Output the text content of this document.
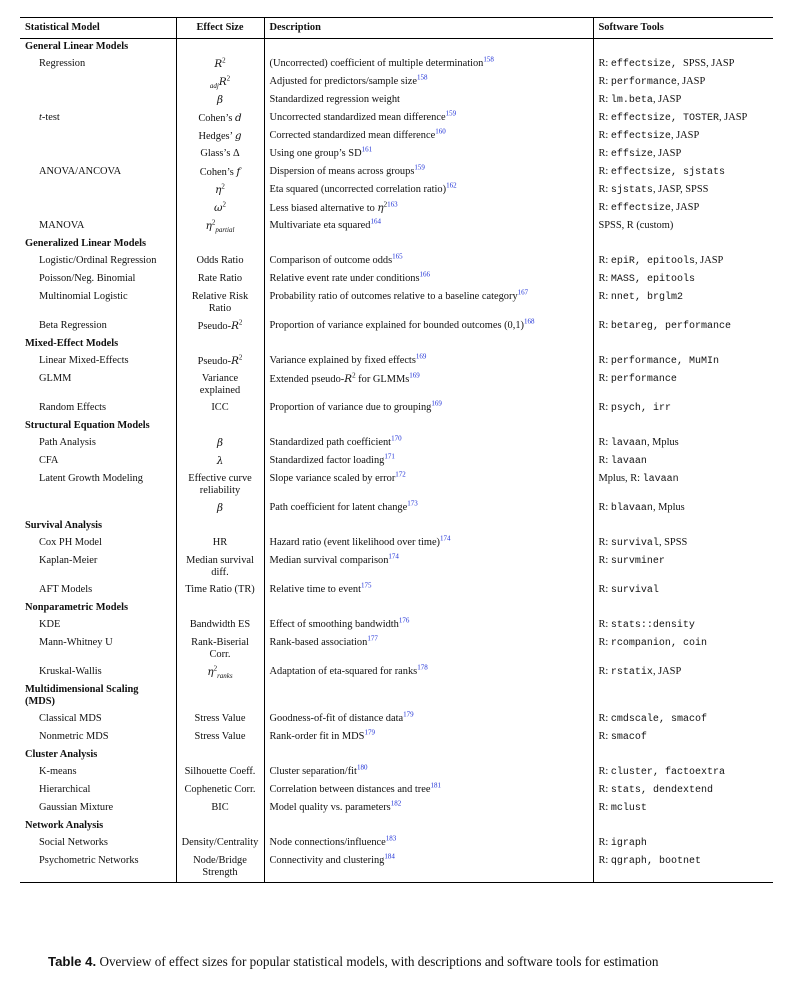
Statistical Model	Effect Size	Description	Software Tools
General Linear Models			
Regression	$R^2$	(Uncorrected) coefficient of multiple determination$^{158}$	R: effectsize, SPSS, JASP
	$_{adj}R^2$	Adjusted for predictors/sample size$^{158}$	R: performance, JASP
	β	Standardized regression weight	R: lm.beta, JASP
t-test	Cohen’s d	Uncorrected standardized mean difference$^{159}$	R: effectsize, TOSTER, JASP
	Hedges’ g	Corrected standardized mean difference$^{160}$	R: effectsize, JASP
	Glass’s Δ	Using one group’s SD$^{161}$	R: effsize, JASP
ANOVA/ANCOVA	Cohen’s f	Dispersion of means across groups$^{159}$	R: effectsize, sjstats
	$\eta^2$	Eta squared (uncorrected correlation ratio)$^{162}$	R: sjstats, JASP, SPSS
	$\omega^2$	Less biased alternative to η$^{2163}$	R: effectsize, JASP
MANOVA	$\eta^2_{partial}$	Multivariate eta squared$^{164}$	SPSS, R (custom)
Generalized Linear Models			
Logistic/Ordinal Regression	Odds Ratio	Comparison of outcome odds$^{165}$	R: epiR, epitools, JASP
Poisson/Neg. Binomial	Rate Ratio	Relative event rate under conditions$^{166}$	R: MASS, epitools
Multinomial Logistic	Relative Risk Ratio	Probability ratio of outcomes relative to a baseline category$^{167}$	R: nnet, brglm2
Beta Regression	Pseudo-$R^2$	Proportion of variance explained for bounded outcomes (0,1)$^{168}$	R: betareg, performance
Mixed-Effect Models			
Linear Mixed-Effects	Pseudo-$R^2$	Variance explained by fixed effects$^{169}$	R: performance, MuMIn
GLMM	Variance explained	Extended pseudo-$R^2$ for GLMMs$^{169}$	R: performance
Random Effects	ICC	Proportion of variance due to grouping$^{169}$	R: psych, irr
Structural Equation Models			
Path Analysis	β	Standardized path coefficient$^{170}$	R: lavaan, Mplus
CFA	λ	Standardized factor loading$^{171}$	R: lavaan
Latent Growth Modeling	Effective curve reliability	Slope variance scaled by error$^{172}$	Mplus, R: lavaan
	β	Path coefficient for latent change$^{173}$	R: blavaan, Mplus
Survival Analysis			
Cox PH Model	HR	Hazard ratio (event likelihood over time)$^{174}$	R: survival, SPSS
Kaplan-Meier	Median survival diff.	Median survival comparison$^{174}$	R: survminer
AFT Models	Time Ratio (TR)	Relative time to event$^{175}$	R: survival
Nonparametric Models			
KDE	Bandwidth ES	Effect of smoothing bandwidth$^{176}$	R: stats::density
Mann-Whitney U	Rank-Biserial Corr.	Rank-based association$^{177}$	R: rcompanion, coin
Kruskal-Wallis	$\eta^2_{ranks}$	Adaptation of eta-squared for ranks$^{178}$	R: rstatix, JASP
Multidimensional Scaling (MDS)			
Classical MDS	Stress Value	Goodness-of-fit of distance data$^{179}$	R: cmdscale, smacof
Nonmetric MDS	Stress Value	Rank-order fit in MDS$^{179}$	R: smacof
Cluster Analysis			
K-means	Silhouette Coeff.	Cluster separation/fit$^{180}$	R: cluster, factoextra
Hierarchical	Cophenetic Corr.	Correlation between distances and tree$^{181}$	R: stats, dendextend
Gaussian Mixture	BIC	Model quality vs. parameters$^{182}$	R: mclust
Network Analysis			
Social Networks	Density/Centrality	Node connections/influence$^{183}$	R: igraph
Psychometric Networks	Node/Bridge Strength	Connectivity and clustering$^{184}$	R: qgraph, bootnet
Table 4. Overview of effect sizes for popular statistical models, with descriptions and software tools for estimation
